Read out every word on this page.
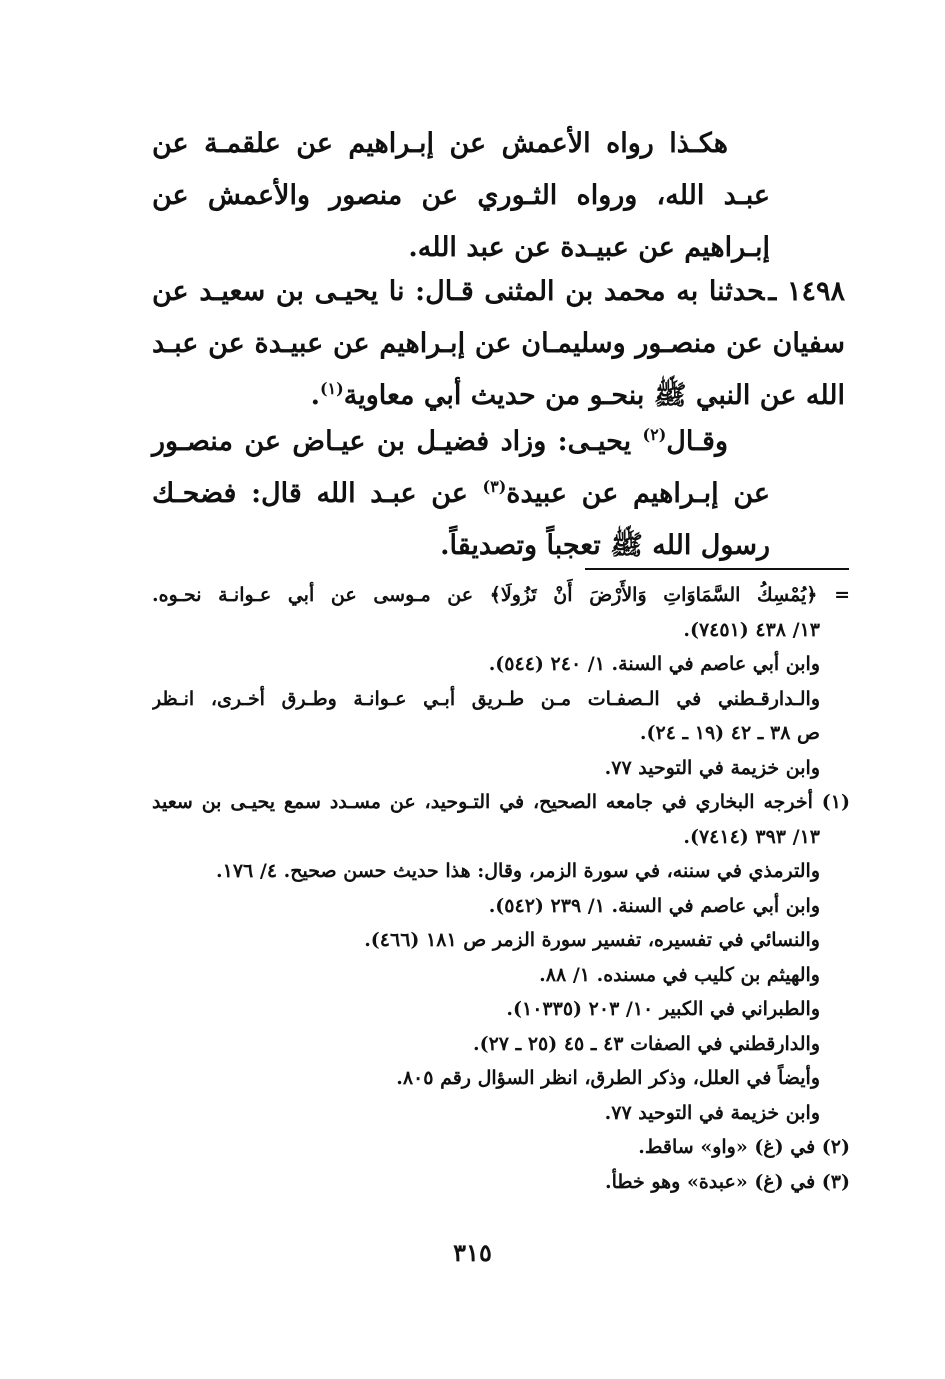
هكـذا رواه الأعمش عن إبـراهيم عن علقمـة عن عبـد الله، ورواه الثـوري عن منصور والأعمش عن إبـراهيم عن عبيـدة عن عبد الله.
١٤٩٨ ـحدثنا به محمد بن المثنى قـال: نا يحيـى بن سعيـد عن سفيان عن منصـور وسليمـان عن إبـراهيم عن عبيـدة عن عبـد الله عن النبي ﷺ بنحـو من حديث أبي معاوية$^{(١)}$.
وقـال$^{(٢)}$ يحيـى: وزاد فضيـل بن عيـاض عن منصـور عن إبـراهيم عن عبيدة$^{(٣)}$ عن عبـد الله قال: فضحـك رسول الله ﷺ تعجباً وتصديقاً.
= ﴿يُمْسِكُ السَّمَاوَاتِ وَالأَرْضَ أَنْ تَزُولَا﴾ عن مـوسى عن أبي عـوانـة نحـوه.
١٣/ ٤٣٨ (٧٤٥١).
وابن أبي عاصم في السنة. ١/ ٢٤٠ (٥٤٤).
والـدارقـطني في الـصفـات مـن طـريق أبـي عـوانـة وطـرق أخـرى، انـظر
ص ٣٨ ـ ٤٢ (١٩ ـ ٢٤).
وابن خزيمة في التوحيد ٧٧.
(١) أخرجه البخاري في جامعه الصحيح، في التـوحيد، عن مسـدد سمع يحيـى بن سعيد
١٣/ ٣٩٣ (٧٤١٤).
والترمذي في سننه، في سورة الزمر، وقال: هذا حديث حسن صحيح. ٤/ ١٧٦.
وابن أبي عاصم في السنة. ١/ ٢٣٩ (٥٤٢).
والنسائي في تفسيره، تفسير سورة الزمر ص ١٨١ (٤٦٦).
والهيثم بن كليب في مسنده. ١/ ٨٨.
والطبراني في الكبير ١٠/ ٢٠٣ (١٠٣٣٥).
والدارقطني في الصفات ٤٣ ـ ٤٥ (٢٥ ـ ٢٧).
وأيضاً في العلل، وذكر الطرق، انظر السؤال رقم ٨٠٥.
وابن خزيمة في التوحيد ٧٧.
(٢) في (غ) «واو» ساقط.
(٣) في (غ) «عبدة» وهو خطأ.
٣١٥
